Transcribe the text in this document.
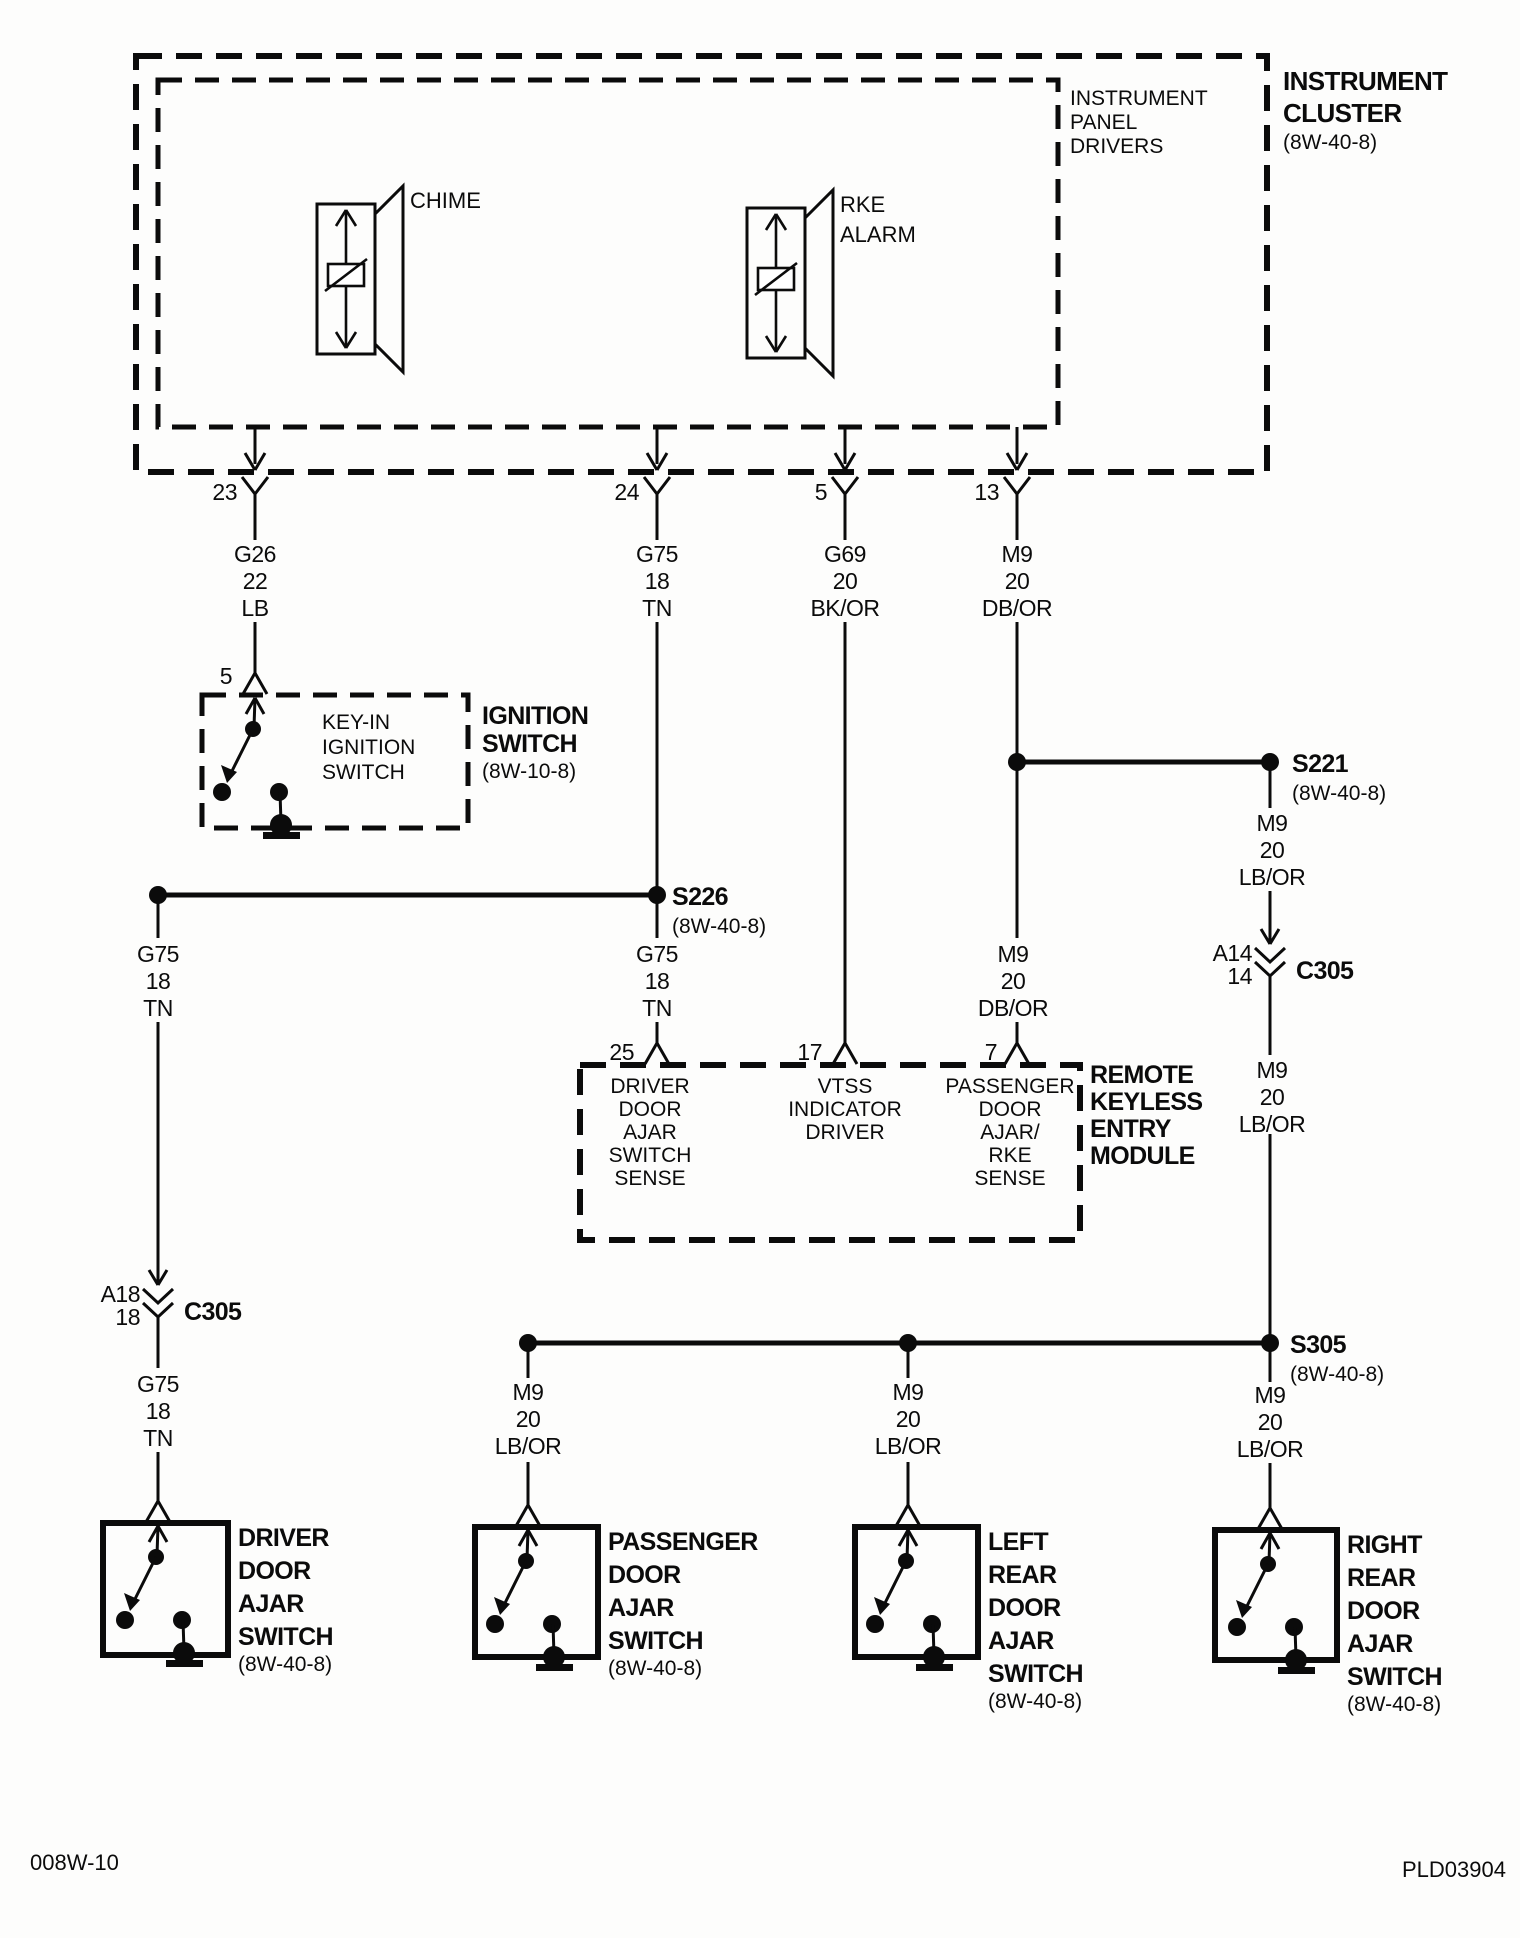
INSTRUMENT
CLUSTER
(8W-40-8)
INSTRUMENT
PANEL
DRIVERS
CHIME	RKE
ALARM
23	24	5	13
G26
22
LB
5
KEY-IN
IGNITION
SWITCH
IGNITION
SWITCH
(8W-10-8)
S226
(8W-40-8)
G75
18
TN
G75
18
TN
25
G69
20
BK/OR
17
M9
20
DB/OR
M9
20
DB/OR
7
S221
(8W-40-8)
M9
20
LB/OR
A14
14 C305
M9
20
LB/OR
DRIVER
DOOR
AJAR
SWITCH
SENSE
VTSS
INDICATOR
DRIVER
PASSENGER
DOOR
AJAR/
RKE
SENSE
REMOTE
KEYLESS
ENTRY
MODULE
G75
18
TN
A18
18 C305
G75
18
TN
S305
(8W-40-8)
M9
20
LB/OR
M9
20
LB/OR
M9
20
LB/OR
DRIVER
DOOR
AJAR
SWITCH
(8W-40-8)
PASSENGER
DOOR
AJAR
SWITCH
(8W-40-8)
LEFT
REAR
DOOR
AJAR
SWITCH
(8W-40-8)
RIGHT
REAR
DOOR
AJAR
SWITCH
(8W-40-8)
008W-10	PLD03904
